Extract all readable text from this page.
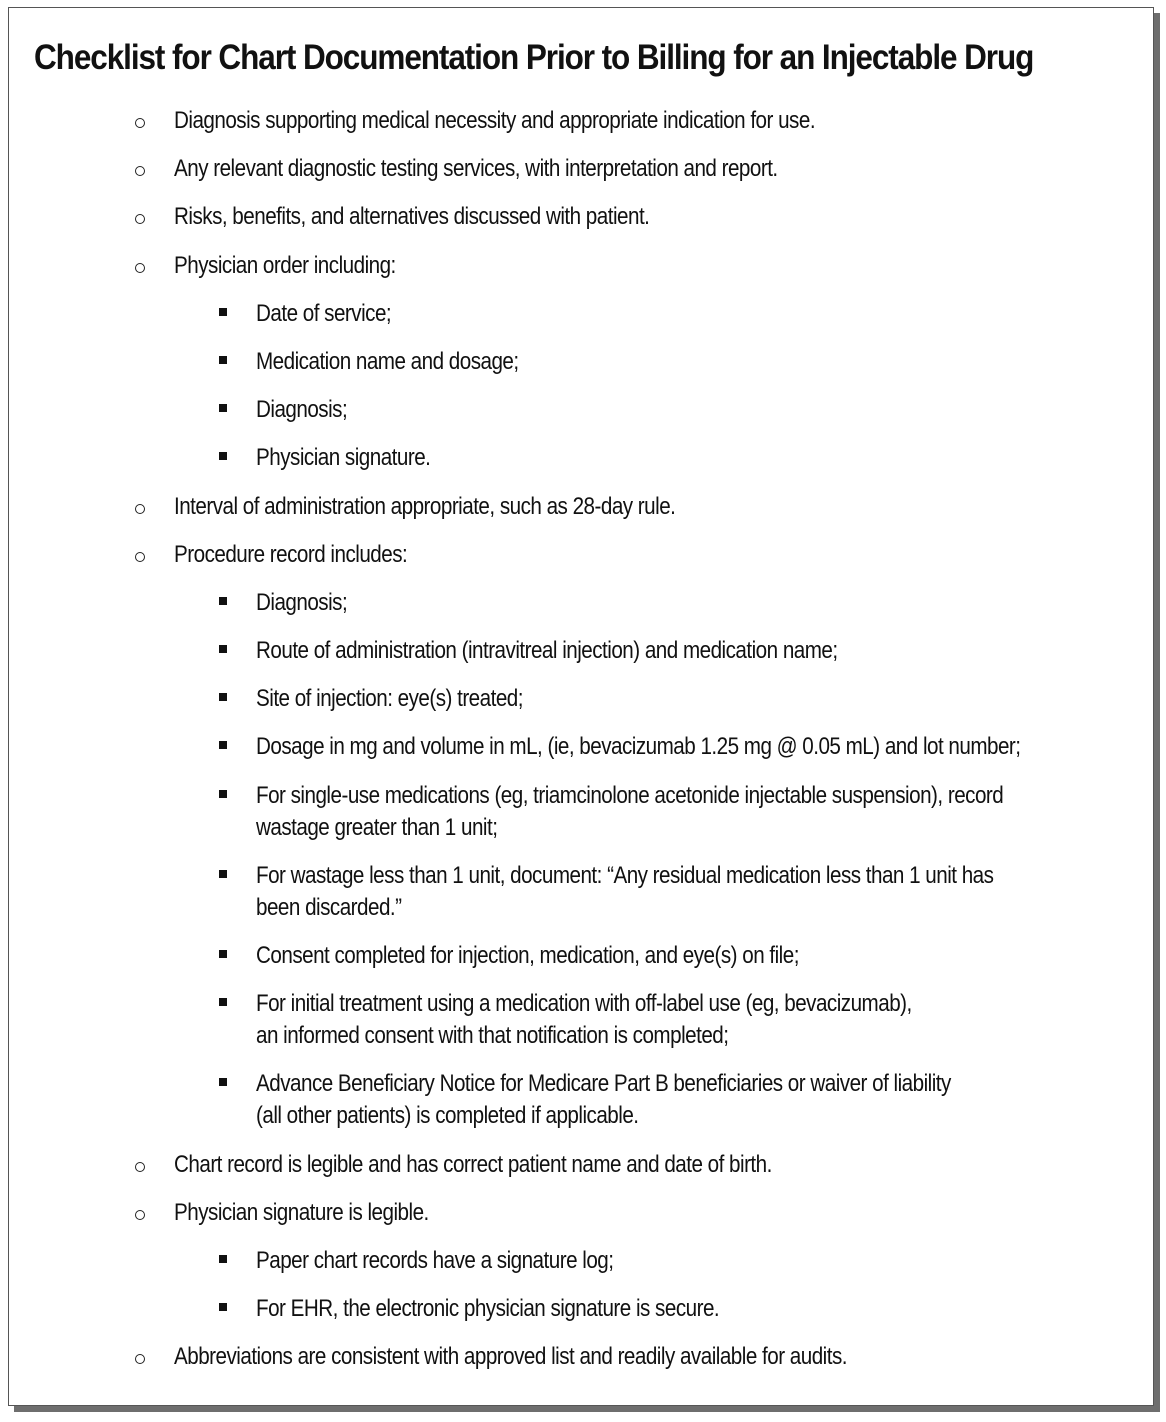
Checklist for Chart Documentation Prior to Billing for an Injectable Drug
Diagnosis supporting medical necessity and appropriate indication for use.
Any relevant diagnostic testing services, with interpretation and report.
Risks, benefits, and alternatives discussed with patient.
Physician order including:
Date of service;
Medication name and dosage;
Diagnosis;
Physician signature.
Interval of administration appropriate, such as 28-day rule.
Procedure record includes:
Diagnosis;
Route of administration (intravitreal injection) and medication name;
Site of injection: eye(s) treated;
Dosage in mg and volume in mL, (ie, bevacizumab 1.25 mg @ 0.05 mL) and lot number;
For single-use medications (eg, triamcinolone acetonide injectable suspension), record
wastage greater than 1 unit;
For wastage less than 1 unit, document: “Any residual medication less than 1 unit has
been discarded.”
Consent completed for injection, medication, and eye(s) on file;
For initial treatment using a medication with off-label use (eg, bevacizumab),
an informed consent with that notification is completed;
Advance Beneficiary Notice for Medicare Part B beneficiaries or waiver of liability
(all other patients) is completed if applicable.
Chart record is legible and has correct patient name and date of birth.
Physician signature is legible.
Paper chart records have a signature log;
For EHR, the electronic physician signature is secure.
Abbreviations are consistent with approved list and readily available for audits.
